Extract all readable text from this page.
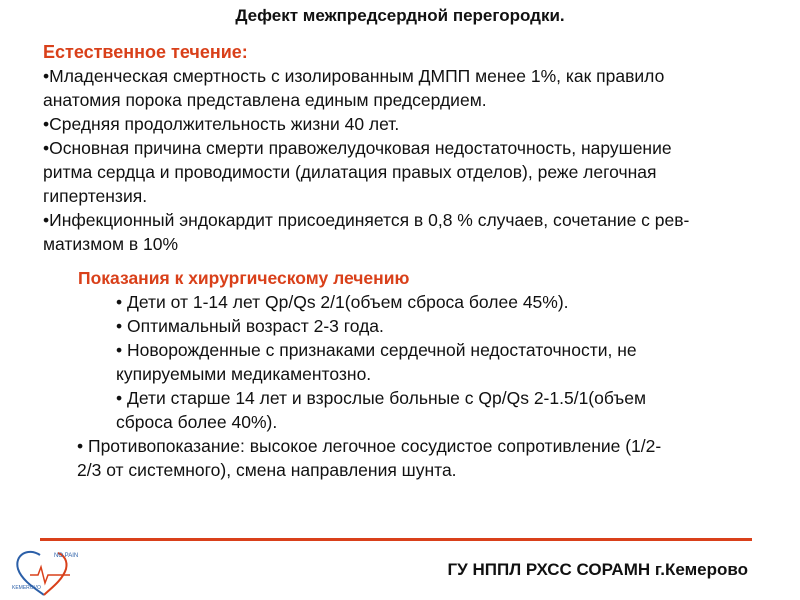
Дефект межпредсердной перегородки.
Естественное течение:

•Младенческая смертность с изолированным ДМПП менее 1%, как правило

анатомия порока представлена единым предсердием.

•Средняя продолжительность жизни 40 лет.

•Основная причина смерти правожелудочковая недостаточность, нарушение

ритма сердца и проводимости (дилатация правых отделов), реже легочная

гипертензия.

•Инфекционный эндокардит присоединяется в 0,8 % случаев, сочетание с рев-

матизмом в 10%

Показания к хирургическому лечению
• Дети от 1-14 лет Qp/Qs 2/1(объем сброса более 45%).
• Оптимальный возраст 2-3 года.
• Новорожденные с признаками сердечной недостаточности, не
купируемыми медикаментозно.
• Дети старше 14 лет и взрослые больные с Qp/Qs 2-1.5/1(объем
сброса более 40%).
• Противопоказание: высокое легочное сосудистое сопротивление (1/2-
2/3 от системного), смена направления шунта.
NO PAIN
KEMEROVO
ГУ НППЛ РХСС СОРАМН г.Кемерово
